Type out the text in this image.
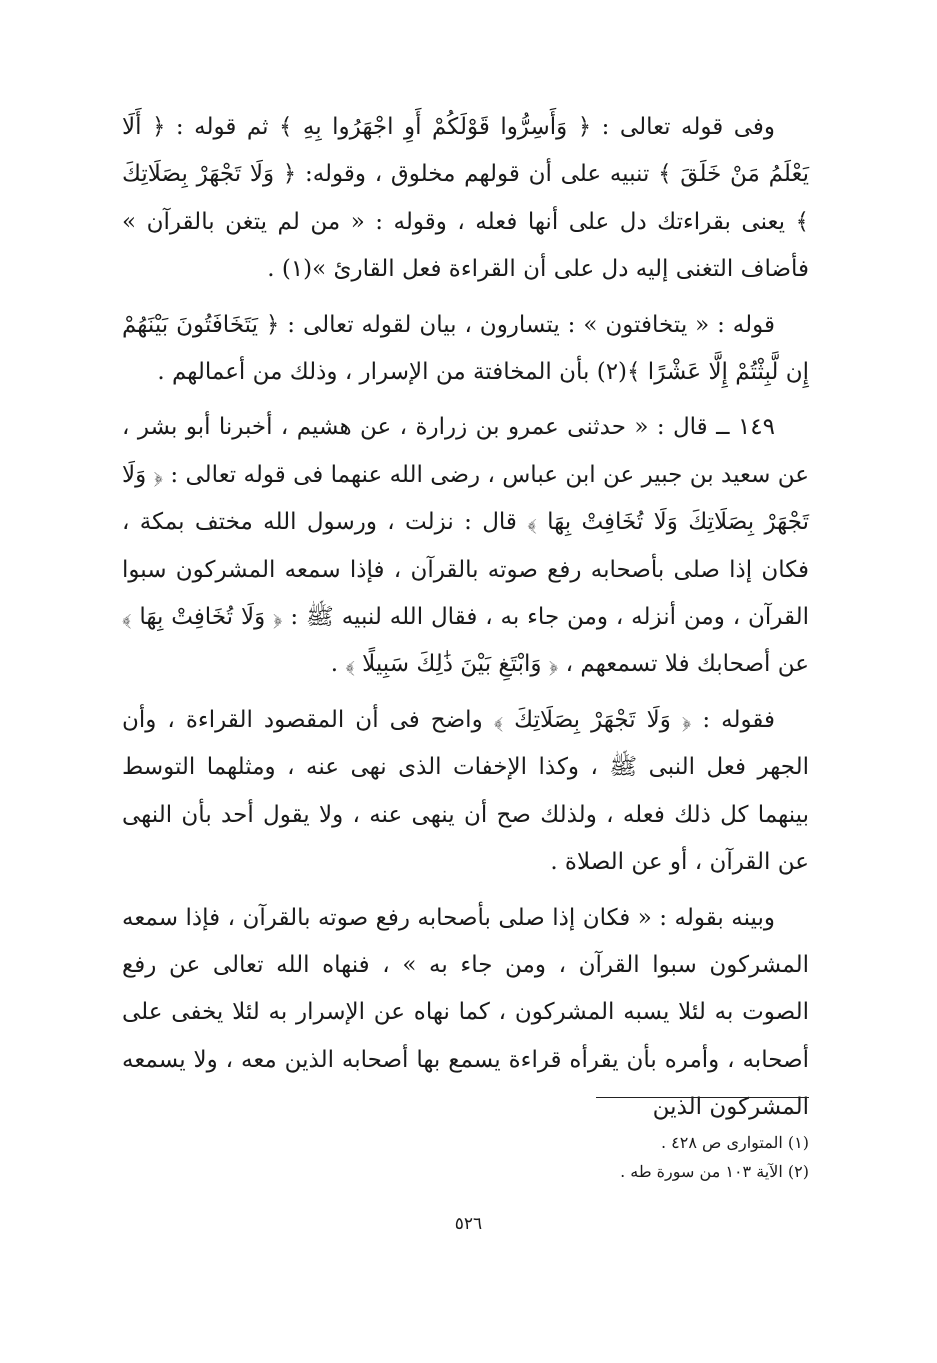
وفى قوله تعالى : ﴿ وَأَسِرُّوا قَوْلَكُمْ أَوِ اجْهَرُوا بِهِ ﴾ ثم قوله : ﴿ أَلَا يَعْلَمُ مَنْ خَلَقَ ﴾ تنبيه على أن قولهم مخلوق ، وقوله: ﴿ وَلَا تَجْهَرْ بِصَلَاتِكَ ﴾ يعنى بقراءتك دل على أنها فعله ، وقوله : « من لم يتغن بالقرآن » فأضاف التغنى إليه دل على أن القراءة فعل القارئ »(١) .

قوله : « يتخافتون » : يتسارون ، بيان لقوله تعالى : ﴿ يَتَخَافَتُونَ بَيْنَهُمْ إِن لَّبِثْتُمْ إِلَّا عَشْرًا ﴾(٢) بأن المخافتة من الإسرار ، وذلك من أعمالهم .

١٤٩ ــ قال : « حدثنى عمرو بن زرارة ، عن هشيم ، أخبرنا أبو بشر ، عن سعيد بن جبير عن ابن عباس ، رضى الله عنهما فى قوله تعالى : ﴿ وَلَا تَجْهَرْ بِصَلَاتِكَ وَلَا تُخَافِتْ بِهَا ﴾ قال : نزلت ، ورسول الله مختف بمكة ، فكان إذا صلى بأصحابه رفع صوته بالقرآن ، فإذا سمعه المشركون سبوا القرآن ، ومن أنزله ، ومن جاء به ، فقال الله لنبيه ﷺ : ﴿ وَلَا تُخَافِتْ بِهَا ﴾ عن أصحابك فلا تسمعهم ، ﴿ وَابْتَغِ بَيْنَ ذَٰلِكَ سَبِيلًا ﴾ .

فقوله : ﴿ وَلَا تَجْهَرْ بِصَلَاتِكَ ﴾ واضح فى أن المقصود القراءة ، وأن الجهر فعل النبى ﷺ ، وكذا الإخفات الذى نهى عنه ، ومثلهما التوسط بينهما كل ذلك فعله ، ولذلك صح أن ينهى عنه ، ولا يقول أحد بأن النهى عن القرآن ، أو عن الصلاة .

وبينه بقوله : « فكان إذا صلى بأصحابه رفع صوته بالقرآن ، فإذا سمعه المشركون سبوا القرآن ، ومن جاء به » ، فنهاه الله تعالى عن رفع الصوت به لئلا يسبه المشركون ، كما نهاه عن الإسرار به لئلا يخفى على أصحابه ، وأمره بأن يقرأه قراءة يسمع بها أصحابه الذين معه ، ولا يسمعه المشركون الذين

(١) المتوارى ص ٤٢٨ .
(٢) الآية ١٠٣ من سورة طه .
٥٢٦
